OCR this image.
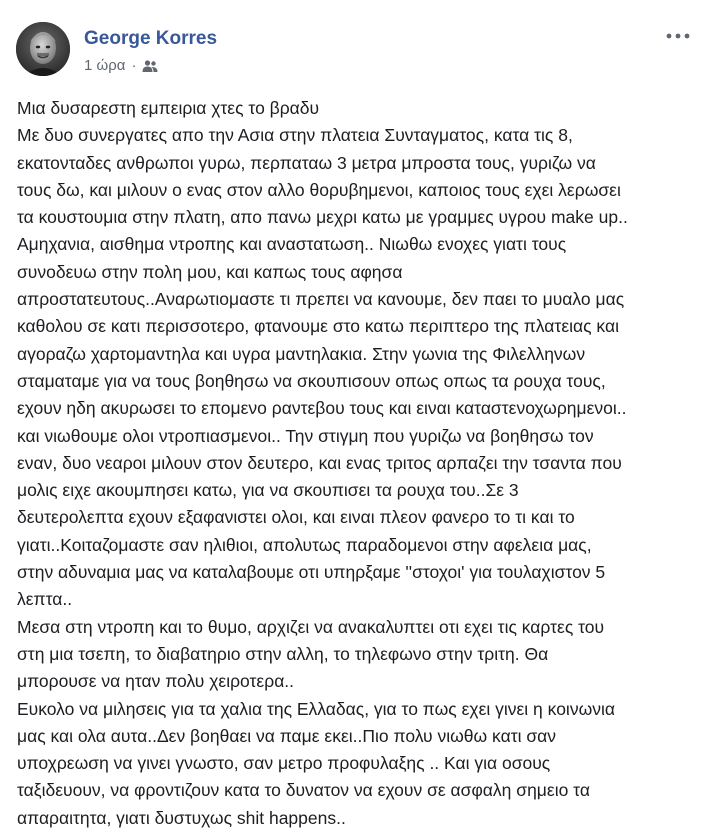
George Korres
1 ώρα ·
Μια δυσαρεστη εμπειρια χτες το βραδυ
Με δυο συνεργατες απο την Ασια στην πλατεια Συνταγματος, κατα τις 8,
εκατονταδες ανθρωποι γυρω, περπαταω 3 μετρα μπροστα τους, γυριζω να
τους δω, και μιλουν ο ενας στον αλλο θορυβημενοι, καποιος τους εχει λερωσει
τα κουστουμια στην πλατη, απο πανω μεχρι κατω με γραμμες υγρου make up..
Αμηχανια, αισθημα ντροπης και αναστατωση.. Νιωθω ενοχες γιατι τους
συνοδευω στην πολη μου, και καπως τους αφησα
απροστατευτους..Αναρωτιομαστε τι πρεπει να κανουμε, δεν παει το μυαλο μας
καθολου σε κατι περισσοτερο, φτανουμε στο κατω περιπτερο της πλατειας και
αγοραζω χαρτομαντηλα και υγρα μαντηλακια. Στην γωνια της Φιλελληνων
σταματαμε για να τους βοηθησω να σκουπισουν οπως οπως τα ρουχα τους,
εχουν ηδη ακυρωσει το επομενο ραντεβου τους και ειναι καταστενοχωρημενοι..
και νιωθουμε ολοι ντροπιασμενοι.. Την στιγμη που γυριζω να βοηθησω τον
εναν, δυο νεαροι μιλουν στον δευτερο, και ενας τριτος αρπαζει την τσαντα που
μολις ειχε ακουμπησει κατω, για να σκουπισει τα ρουχα του..Σε 3
δευτερολεπτα εχουν εξαφανιστει ολοι, και ειναι πλεον φανερο το τι και το
γιατι..Κοιταζομαστε σαν ηλιθιοι, απολυτως παραδομενοι στην αφελεια μας,
στην αδυναμια μας να καταλαβουμε οτι υπηρξαμε ''στοχοι' για τουλαχιστον 5
λεπτα..
Μεσα στη ντροπη και το θυμο, αρχιζει να ανακαλυπτει οτι εχει τις καρτες του
στη μια τσεπη, το διαβατηριο στην αλλη, το τηλεφωνο στην τριτη. Θα
μπορουσε να ηταν πολυ χειροτερα..
Ευκολο να μιλησεις για τα χαλια της Ελλαδας, για το πως εχει γινει η κοινωνια
μας και ολα αυτα..Δεν βοηθαει να παμε εκει..Πιο πολυ νιωθω κατι σαν
υποχρεωση να γινει γνωστο, σαν μετρο προφυλαξης .. Και για οσους
ταξιδευουν, να φροντιζουν κατα το δυνατον να εχουν σε ασφαλη σημειο τα
απαραιτητα, γιατι δυστυχως shit happens..
